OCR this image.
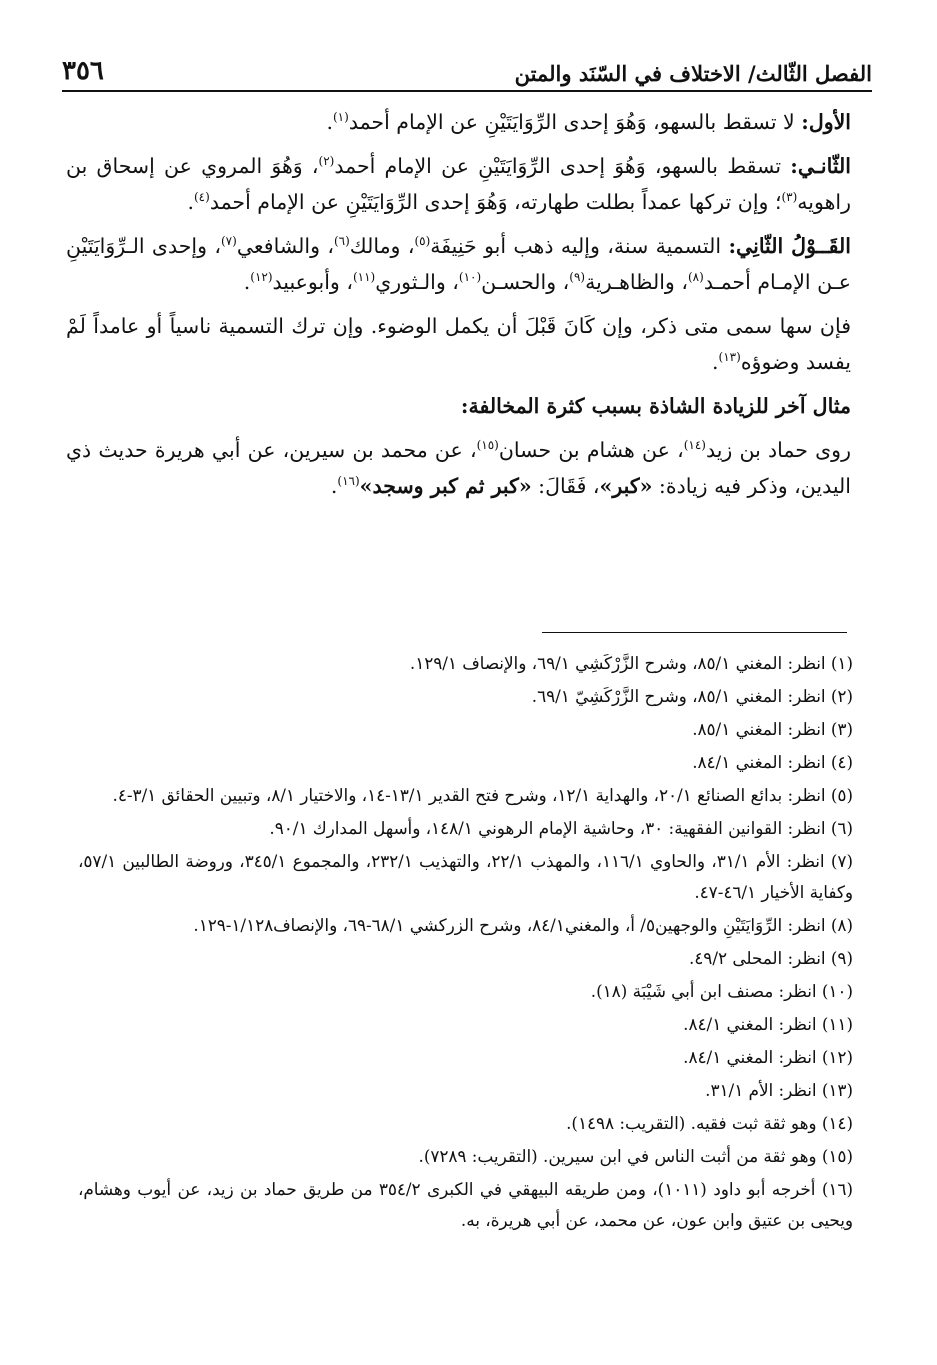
الفصل الثّالث/ الاختلاف في السّنَد والمتن
٣٥٦

الأول: لا تسقط بالسهو، وَهُوَ إحدى الرِّوَايَتَيْنِ عن الإمام أحمد$^{(١)}$.

الثّانـي: تسقط بالسهو، وَهُوَ إحدى الرِّوَايَتَيْنِ عن الإمام أحمد$^{(٢)}$، وَهُوَ المروي عن إسحاق بن راهويه$^{(٣)}$؛ وإن تركها عمداً بطلت طهارته، وَهُوَ إحدى الرِّوَايَتَيْنِ عن الإمام أحمد$^{(٤)}$.

القَــوْلُ الثّانِي: التسمية سنة، وإليه ذهب أبو حَنِيفَة$^{(٥)}$، ومالك$^{(٦)}$، والشافعي$^{(٧)}$، وإحدى الـرِّوَايَتَيْنِ عـن الإمـام أحمـد$^{(٨)}$، والظاهـرية$^{(٩)}$، والحسـن$^{(١٠)}$، والـثوري$^{(١١)}$، وأبوعبيد$^{(١٢)}$.

فإن سها سمى متى ذكر، وإن كَانَ قَبْلَ أن يكمل الوضوء. وإن ترك التسمية ناسياً أو عامداً لَمْ يفسد وضوؤه$^{(١٣)}$.

مثال آخر للزيادة الشاذة بسبب كثرة المخالفة:

روى حماد بن زيد$^{(١٤)}$، عن هشام بن حسان$^{(١٥)}$، عن محمد بن سيرين، عن أبي هريرة حديث ذي اليدين، وذكر فيه زيادة: «كبر»، فَقَالَ: «كبر ثم كبر وسجد»$^{(١٦)}$.

(١) انظر: المغني ٨٥/١، وشرح الزَّرْكَشِي ٦٩/١، والإنصاف ١٢٩/١.

(٢) انظر: المغني ٨٥/١، وشرح الزَّرْكَشِيّ ٦٩/١.

(٣) انظر: المغني ٨٥/١.

(٤) انظر: المغني ٨٤/١.

(٥) انظر: بدائع الصنائع ٢٠/١، والهداية ١٢/١، وشرح فتح القدير ١٣/١-١٤، والاختيار ٨/١، وتبيين الحقائق ٣/١-٤.

(٦) انظر: القوانين الفقهية: ٣٠، وحاشية الإمام الرهوني ١٤٨/١، وأسهل المدارك ٩٠/١.

(٧) انظر: الأم ٣١/١، والحاوي ١١٦/١، والمهذب ٢٢/١، والتهذيب ٢٣٢/١، والمجموع ٣٤٥/١، وروضة الطالبين ٥٧/١، وكفاية الأخيار ٤٦/١-٤٧.

(٨) انظر: الرِّوَايَتَيْنِ والوجهين٥/ أ، والمغني٨٤/١، وشرح الزركشي ٦٨/١-٦٩، والإنصاف١/١٢٨-١٢٩.

(٩) انظر: المحلى ٤٩/٢.

(١٠) انظر: مصنف ابن أبي شَيْبَة (١٨).

(١١) انظر: المغني ٨٤/١.

(١٢) انظر: المغني ٨٤/١.

(١٣) انظر: الأم ٣١/١.

(١٤) وهو ثقة ثبت فقيه. (التقريب: ١٤٩٨).

(١٥) وهو ثقة من أثبت الناس في ابن سيرين. (التقريب: ٧٢٨٩).

(١٦) أخرجه أبو داود (١٠١١)، ومن طريقه البيهقي في الكبرى ٣٥٤/٢ من طريق حماد بن زيد، عن أيوب وهشام، ويحيى بن عتيق وابن عون، عن محمد، عن أبي هريرة، به.
